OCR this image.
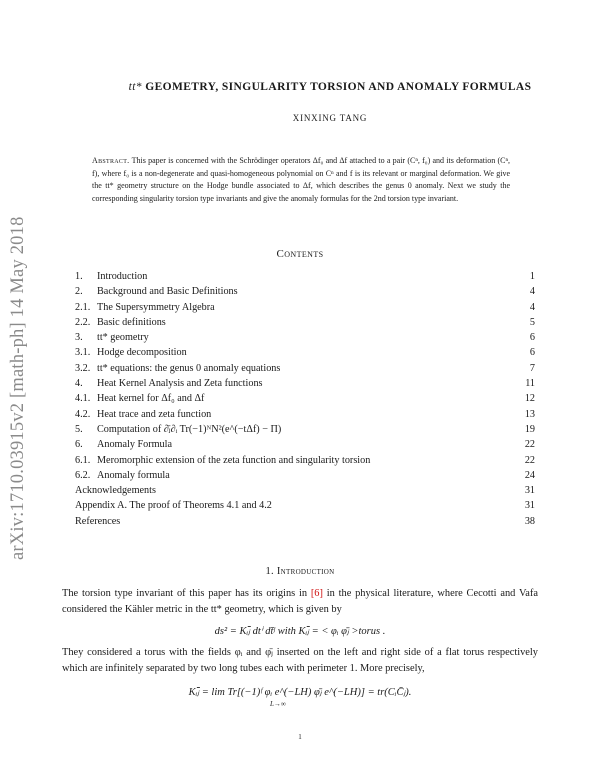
arXiv:1710.03915v2 [math-ph] 14 May 2018
tt* GEOMETRY, SINGULARITY TORSION AND ANOMALY FORMULAS
XINXING TANG
Abstract. This paper is concerned with the Schrödinger operators Δf₀ and Δf attached to a pair (Cⁿ, f₀) and its deformation (Cⁿ, f), where f₀ is a non-degenerate and quasi-homogeneous polynomial on Cⁿ and f is its relevant or marginal deformation. We give the tt* geometry structure on the Hodge bundle associated to Δf, which describes the genus 0 anomaly. Next we study the corresponding singularity torsion type invariants and give the anomaly formulas for the 2nd torsion type invariant.
Contents
1. Introduction	1
2. Background and Basic Definitions	4
2.1. The Supersymmetry Algebra	4
2.2. Basic definitions	5
3. tt* geometry	6
3.1. Hodge decomposition	6
3.2. tt* equations: the genus 0 anomaly equations	7
4. Heat Kernel Analysis and Zeta functions	11
4.1. Heat kernel for Δf₀ and Δf	12
4.2. Heat trace and zeta function	13
5. Computation of ∂̄ⱼ∂ᵢ Tr(−1)ᴺN²(e^(−tΔf) − Π)	19
6. Anomaly Formula	22
6.1. Meromorphic extension of the zeta function and singularity torsion	22
6.2. Anomaly formula	24
Acknowledgements	31
Appendix A. The proof of Theorems 4.1 and 4.2	31
References	38
1. Introduction
The torsion type invariant of this paper has its origins in [6] in the physical literature, where Cecotti and Vafa considered the Kähler metric in the tt* geometry, which is given by
ds² = Kᵢⱼ̄ dtⁱ dt̄ʲ with Kᵢⱼ̄ = < φᵢ φ̄ⱼ >torus .
They considered a torus with the fields φᵢ and φ̄ⱼ inserted on the left and right side of a flat torus respectively which are infinitely separated by two long tubes each with perimeter 1. More precisely,
Kᵢⱼ̄ = lim Tr[(−1)ᶠ φᵢ e^(−LH) φ̄ⱼ e^(−LH)] = tr(CᵢC̄ⱼ).
L→∞
1
